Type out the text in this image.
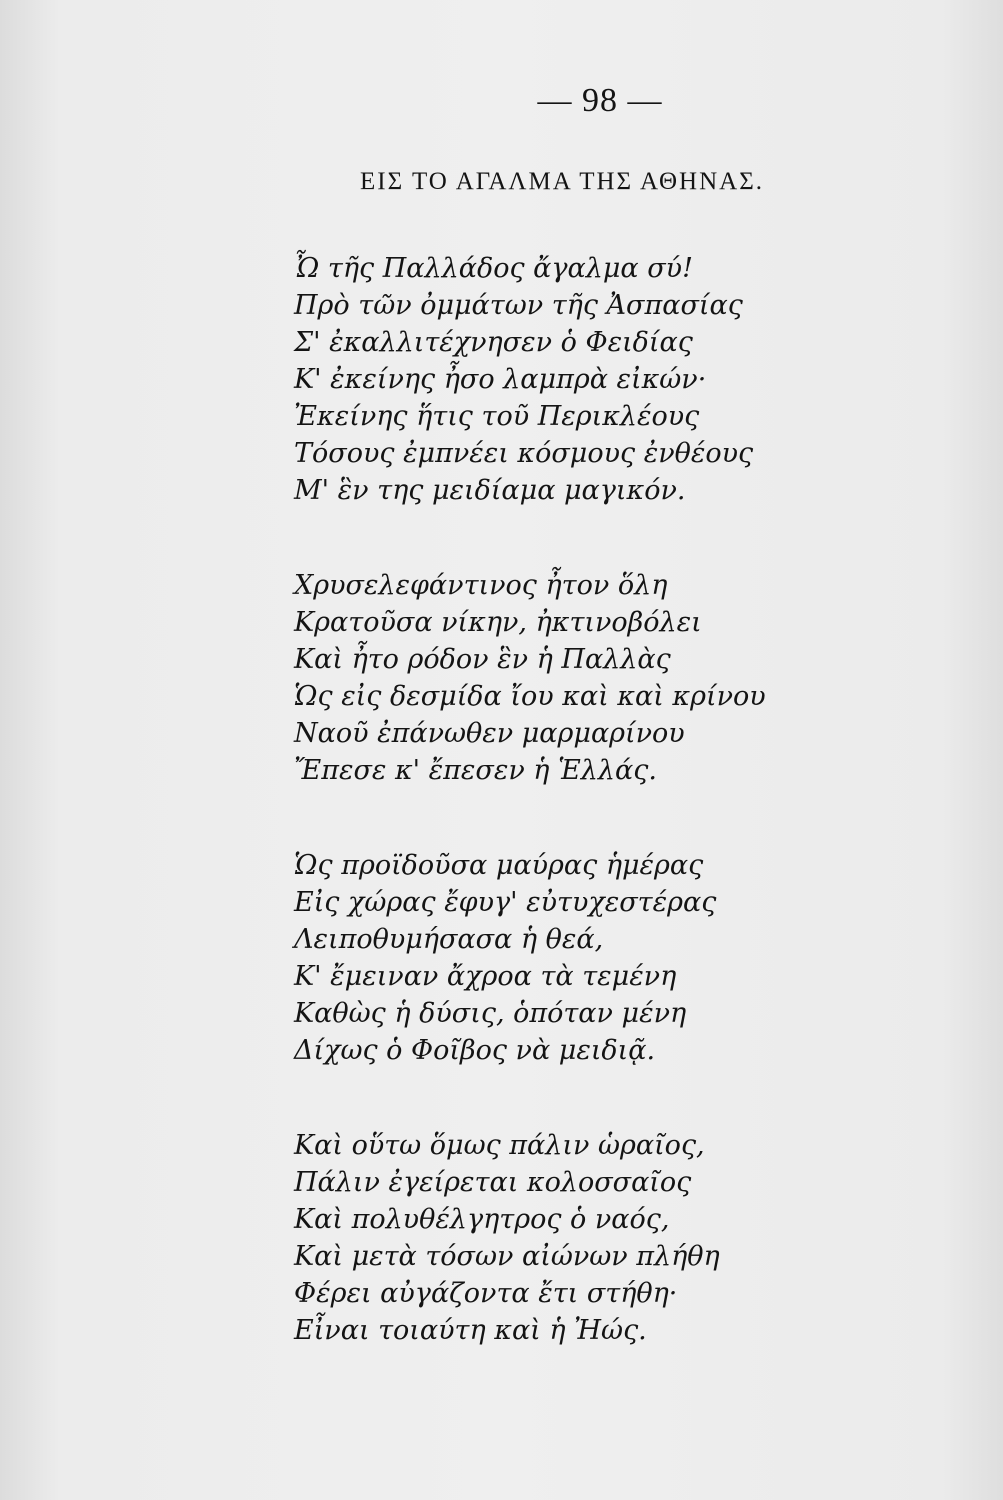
— 98 —
ΕΙΣ ΤΟ ΑΓΑΛΜΑ ΤΗΣ ΑΘΗΝΑΣ.
Ὦ τῆς Παλλάδος ἄγαλμα σύ!
Πρὸ τῶν ὀμμάτων τῆς Ἀσπασίας
Σ' ἐκαλλιτέχνησεν ὁ Φειδίας
Κ' ἐκείνης ἦσο λαμπρὰ εἰκών·
Ἐκείνης ἥτις τοῦ Περικλέους
Τόσους ἐμπνέει κόσμους ἐνθέους
Μ' ἓν της μειδίαμα μαγικόν.
Χρυσελεφάντινος ἦτον ὅλη
Κρατοῦσα νίκην, ἠκτινοβόλει
Καὶ ἦτο ρόδον ἓν ἡ Παλλὰς
Ὡς εἰς δεσμίδα ἴου καὶ καὶ κρίνου
Ναοῦ ἐπάνωθεν μαρμαρίνου
Ἔπεσε κ' ἔπεσεν ἡ Ἑλλάς.
Ὡς προϊδοῦσα μαύρας ἡμέρας
Εἰς χώρας ἔφυγ' εὐτυχεστέρας
Λειποθυμήσασα ἡ θεά,
Κ' ἔμειναν ἄχροα τὰ τεμένη
Καθὼς ἡ δύσις, ὁπόταν μένη
Δίχως ὁ Φοῖβος νὰ μειδιᾷ.
Καὶ οὕτω ὅμως πάλιν ὡραῖος,
Πάλιν ἐγείρεται κολοσσαῖος
Καὶ πολυθέλγητρος ὁ ναός,
Καὶ μετὰ τόσων αἰώνων πλήθη
Φέρει αὐγάζοντα ἔτι στήθη·
Εἶναι τοιαύτη καὶ ἡ Ἠώς.
